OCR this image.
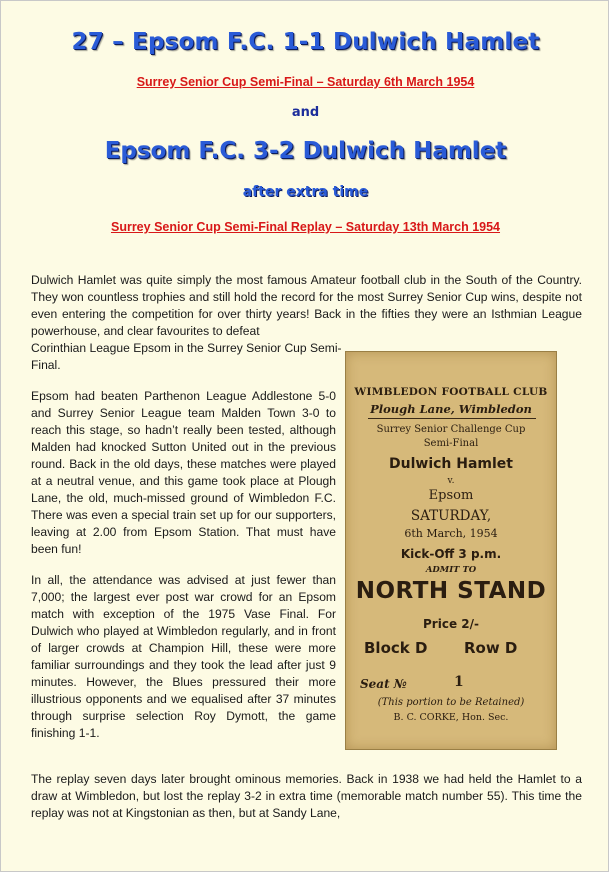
27 – Epsom F.C. 1-1 Dulwich Hamlet
Surrey Senior Cup Semi-Final – Saturday 6th March 1954
and
Epsom F.C. 3-2 Dulwich Hamlet
after extra time
Surrey Senior Cup Semi-Final Replay – Saturday 13th March 1954
Dulwich Hamlet was quite simply the most famous Amateur football club in the South of the Country. They won countless trophies and still hold the record for the most Surrey Senior Cup wins, despite not even entering the competition for over thirty years! Back in the fifties they were an Isthmian League powerhouse, and clear favourites to defeat
Corinthian League Epsom in the Surrey Senior Cup Semi-Final.
Epsom had beaten Parthenon League Addlestone 5-0 and Surrey Senior League team Malden Town 3-0 to reach this stage, so hadn’t really been tested, although Malden had knocked Sutton United out in the previous round. Back in the old days, these matches were played at a neutral venue, and this game took place at Plough Lane, the old, much-missed ground of Wimbledon F.C. There was even a special train set up for our supporters, leaving at 2.00 from Epsom Station. That must have been fun!
In all, the attendance was advised at just fewer than 7,000; the largest ever post war crowd for an Epsom match with exception of the 1975 Vase Final. For Dulwich who played at Wimbledon regularly, and in front of larger crowds at Champion Hill, these were more familiar surroundings and they took the lead after just 9 minutes. However, the Blues pressured their more illustrious opponents and we equalised after 37 minutes through surprise selection Roy Dymott, the game finishing 1-1.
The replay seven days later brought ominous memories. Back in 1938 we had held the Hamlet to a draw at Wimbledon, but lost the replay 3-2 in extra time (memorable match number 55). This time the replay was not at Kingstonian as then, but at Sandy Lane,
WIMBLEDON FOOTBALL CLUB
Plough Lane, Wimbledon
Surrey Senior Challenge Cup
Semi-Final
Dulwich Hamlet
v.
Epsom
SATURDAY,
6th March, 1954
Kick-Off 3 p.m.
ADMIT TO
NORTH STAND
Price 2/-
Block D Row D
Seat №	1
(This portion to be Retained)
B. C. CORKE, Hon. Sec.
